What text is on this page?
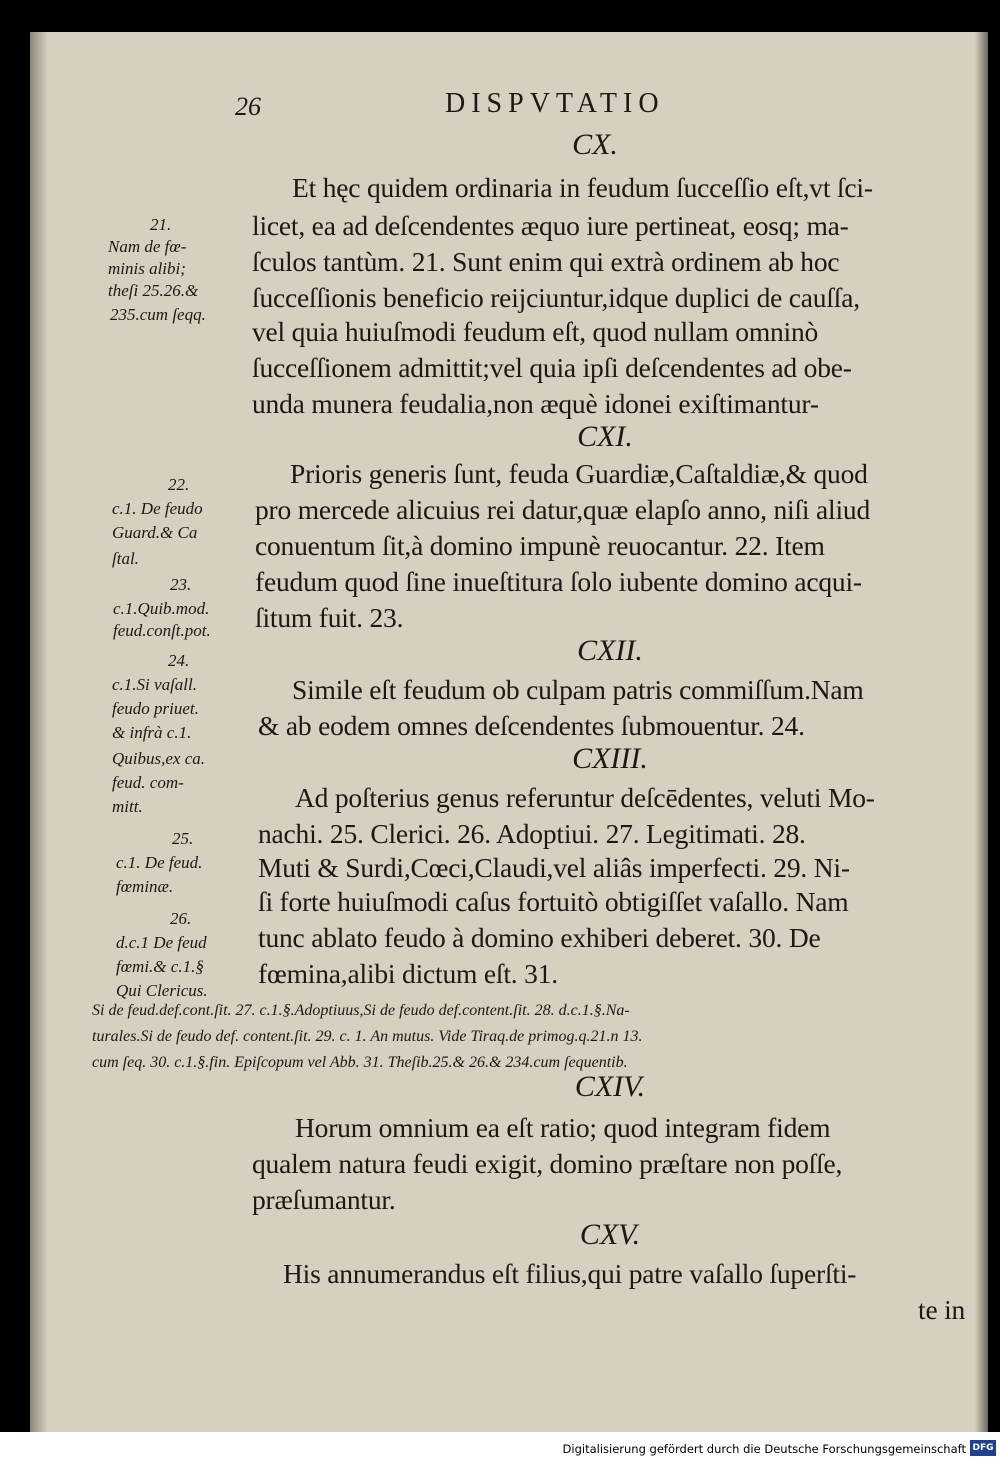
26	DISPVTATIO
CX.
CXI.
CXII.
CXIII.
CXIV.
CXV.
Et hęc quidem ordinaria in feudum ſucceſſio eſt,vt ſci-
licet, ea ad deſcendentes æquo iure pertineat, eosq; ma-
ſculos tantùm. 21. Sunt enim qui extrà ordinem ab hoc
ſucceſſionis beneficio reijciuntur,idque duplici de cauſſa,
vel quia huiuſmodi feudum eſt, quod nullam omninò
ſucceſſionem admittit;vel quia ipſi deſcendentes ad obe-
unda munera feudalia,non æquè idonei exiſtimantur-
Prioris generis ſunt, feuda Guardiæ,Caſtaldiæ,& quod
pro mercede alicuius rei datur,quæ elapſo anno, niſi aliud
conuentum ſit,à domino impunè reuocantur. 22. Item
feudum quod ſine inueſtitura ſolo iubente domino acqui-
ſitum fuit. 23.
Simile eſt feudum ob culpam patris commiſſum.Nam
& ab eodem omnes deſcendentes ſubmouentur. 24.
Ad poſterius genus referuntur deſcēdentes, veluti Mo-
nachi. 25. Clerici. 26. Adoptiui. 27. Legitimati. 28.
Muti & Surdi,Cœci,Claudi,vel aliâs imperfecti. 29. Ni-
ſi forte huiuſmodi caſus fortuitò obtigiſſet vaſallo. Nam
tunc ablato feudo à domino exhiberi deberet. 30. De
fœmina,alibi dictum eſt. 31.
Horum omnium ea eſt ratio; quod integram fidem
qualem natura feudi exigit, domino præſtare non poſſe,
præſumantur.
His annumerandus eſt filius,qui patre vaſallo ſuperſti-
te in
21.
Nam de fœ-
minis alibi;
theſi 25.26.&
235.cum ſeqq.
22.
c.1. De feudo
Guard.& Ca
ſtal.
23.
c.1.Quib.mod.
feud.conſt.pot.
24.
c.1.Si vaſall.
feudo priuet.
& infrà c.1.
Quibus,ex ca.
feud. com-
mitt.
25.
c.1. De feud.
fœminæ.
26.
d.c.1 De feud
fœmi.& c.1.§
Qui Clericus.
Si de feud.def.cont.ſit. 27. c.1.§.Adoptiuus,Si de feudo def.content.ſit. 28. d.c.1.§.Na-
turales.Si de feudo def. content.ſit. 29. c. 1. An mutus. Vide Tiraq.de primog.q.21.n 13.
cum ſeq. 30. c.1.§.fin. Epiſcopum vel Abb. 31. Theſib.25.& 26.& 234.cum ſequentib.
Digitalisierung gefördert durch die Deutsche Forschungsgemeinschaft DFG
